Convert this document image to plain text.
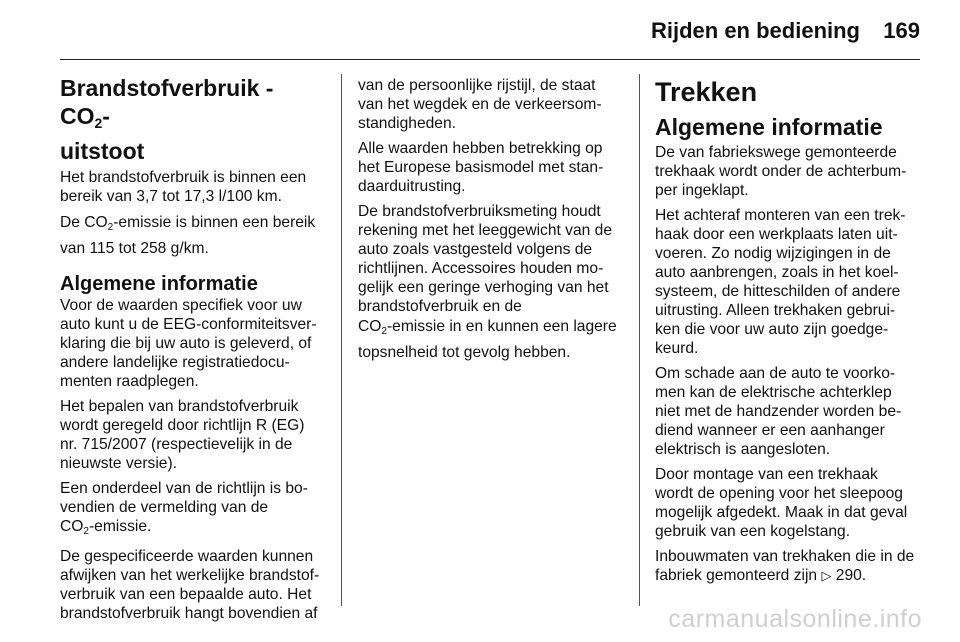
Rijden en bediening 169
Brandstofverbruik - $CO_2-$
uitstoot

Het brandstofverbruik is binnen een
bereik van 3,7 tot 17,3 l/100 km.

De $CO_2$-emissie is binnen een bereik
van 115 tot 258 g/km.

Algemene informatie

Voor de waarden specifiek voor uw
auto kunt u de EEG-conformiteitsver-
klaring die bij uw auto is geleverd, of
andere landelijke registratiedocu-
menten raadplegen.

Het bepalen van brandstofverbruik
wordt geregeld door richtlijn R (EG)
nr. 715/2007 (respectievelijk in de
nieuwste versie).

Een onderdeel van de richtlijn is bo-
vendien de vermelding van de
$CO_2$-emissie.

De gespecificeerde waarden kunnen
afwijken van het werkelijke brandstof-
verbruik van een bepaalde auto. Het
brandstofverbruik hangt bovendien af

van de persoonlijke rijstijl, de staat
van het wegdek en de verkeersom-
standigheden.

Alle waarden hebben betrekking op
het Europese basismodel met stan-
daarduitrusting.

De brandstofverbruiksmeting houdt
rekening met het leeggewicht van de
auto zoals vastgesteld volgens de
richtlijnen. Accessoires houden mo-
gelijk een geringe verhoging van het
brandstofverbruik en de
$CO_2$-emissie in en kunnen een lagere
topsnelheid tot gevolg hebben.

Trekken
Algemene informatie

De van fabriekswege gemonteerde
trekhaak wordt onder de achterbum-
per ingeklapt.

Het achteraf monteren van een trek-
haak door een werkplaats laten uit-
voeren. Zo nodig wijzigingen in de
auto aanbrengen, zoals in het koel-
systeem, de hitteschilden of andere
uitrusting. Alleen trekhaken gebrui-
ken die voor uw auto zijn goedge-
keurd.

Om schade aan de auto te voorko-
men kan de elektrische achterklep
niet met de handzender worden be-
diend wanneer er een aanhanger
elektrisch is aangesloten.

Door montage van een trekhaak
wordt de opening voor het sleepoog
mogelijk afgedekt. Maak in dat geval
gebruik van een kogelstang.

Inbouwmaten van trekhaken die in de
fabriek gemonteerd zijn ▷ 290.

carmanualsonline.info
